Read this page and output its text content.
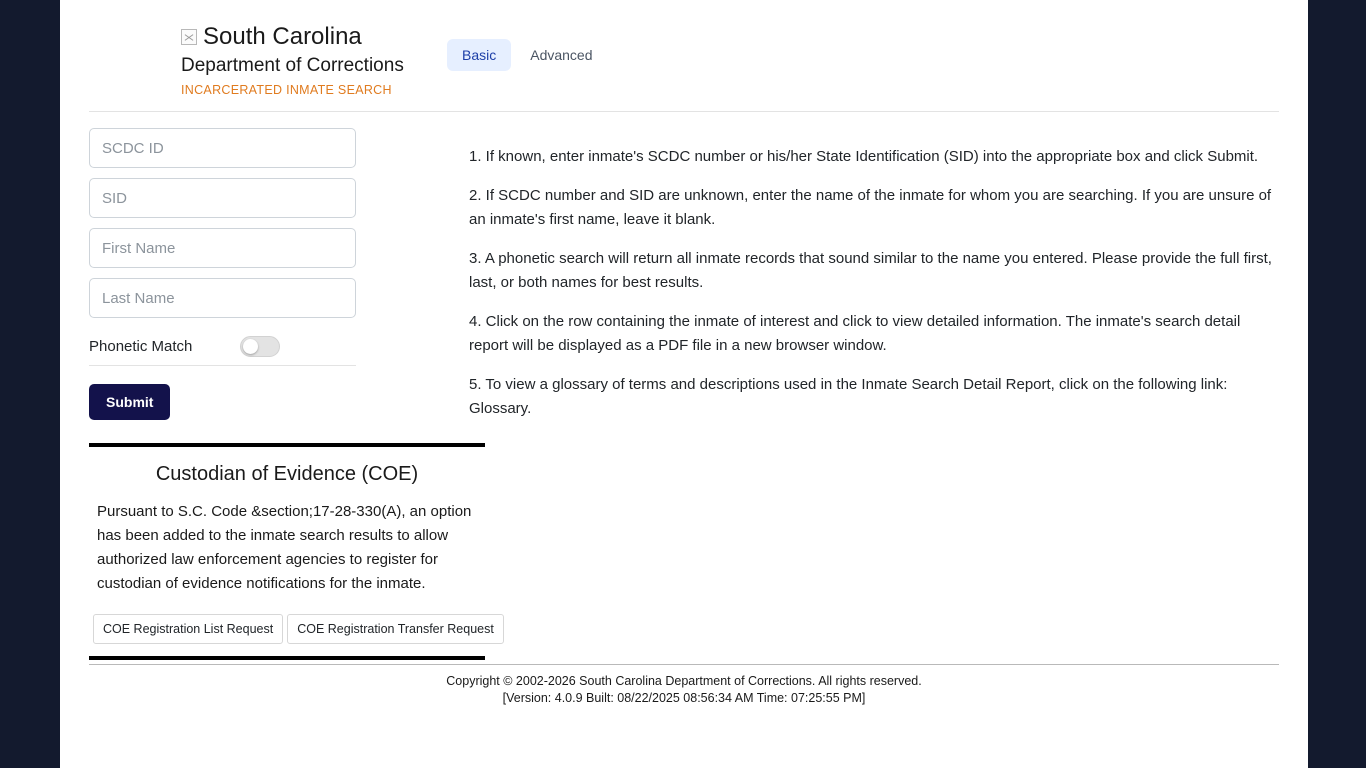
South Carolina
Department of Corrections
INCARCERATED INMATE SEARCH
Basic	Advanced
SCDC ID
SID
First Name
Last Name
Phonetic Match
Submit

1. If known, enter inmate's SCDC number or his/her State Identification (SID) into the appropriate box and click Submit.

2. If SCDC number and SID are unknown, enter the name of the inmate for whom you are searching. If you are unsure of an inmate's first name, leave it blank.

3. A phonetic search will return all inmate records that sound similar to the name you entered. Please provide the full first, last, or both names for best results.

4. Click on the row containing the inmate of interest and click to view detailed information. The inmate's search detail report will be displayed as a PDF file in a new browser window.

5. To view a glossary of terms and descriptions used in the Inmate Search Detail Report, click on the following link: Glossary.

Custodian of Evidence (COE)
Pursuant to S.C. Code &section;17-28-330(A), an option has been added to the inmate search results to allow authorized law enforcement agencies to register for custodian of evidence notifications for the inmate.
COE Registration List Request	COE Registration Transfer Request
Copyright © 2002-2026 South Carolina Department of Corrections. All rights reserved.
[Version: 4.0.9 Built: 08/22/2025 08:56:34 AM Time: 07:25:55 PM]
